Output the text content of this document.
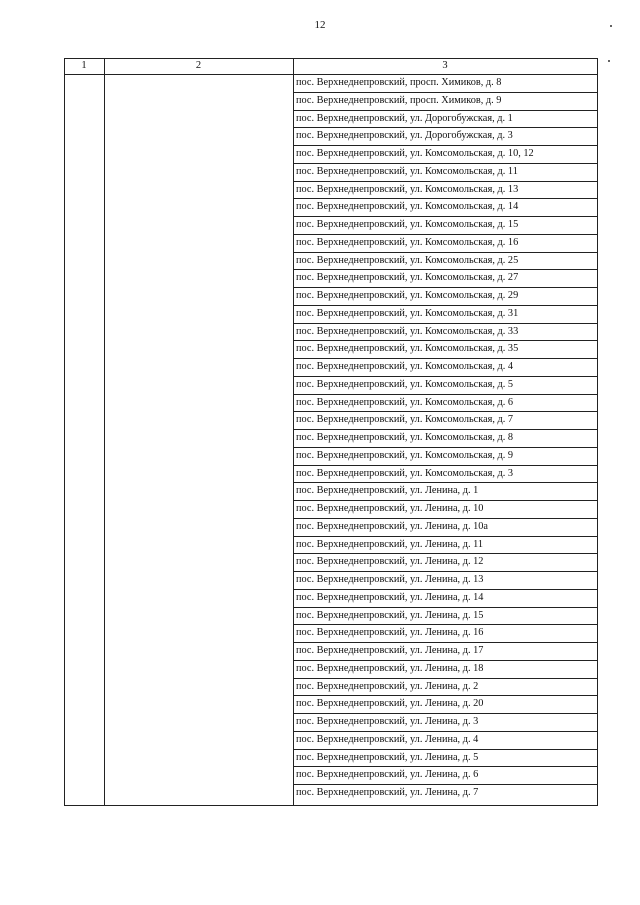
12
1	2	3
пос. Верхнеднепровский, просп. Химиков, д. 8
пос. Верхнеднепровский, просп. Химиков, д. 9
пос. Верхнеднепровский, ул. Дорогобужская, д. 1
пос. Верхнеднепровский, ул. Дорогобужская, д. 3
пос. Верхнеднепровский, ул. Комсомольская, д. 10, 12
пос. Верхнеднепровский, ул. Комсомольская, д. 11
пос. Верхнеднепровский, ул. Комсомольская, д. 13
пос. Верхнеднепровский, ул. Комсомольская, д. 14
пос. Верхнеднепровский, ул. Комсомольская, д. 15
пос. Верхнеднепровский, ул. Комсомольская, д. 16
пос. Верхнеднепровский, ул. Комсомольская, д. 25
пос. Верхнеднепровский, ул. Комсомольская, д. 27
пос. Верхнеднепровский, ул. Комсомольская, д. 29
пос. Верхнеднепровский, ул. Комсомольская, д. 31
пос. Верхнеднепровский, ул. Комсомольская, д. 33
пос. Верхнеднепровский, ул. Комсомольская, д. 35
пос. Верхнеднепровский, ул. Комсомольская, д. 4
пос. Верхнеднепровский, ул. Комсомольская, д. 5
пос. Верхнеднепровский, ул. Комсомольская, д. 6
пос. Верхнеднепровский, ул. Комсомольская, д. 7
пос. Верхнеднепровский, ул. Комсомольская, д. 8
пос. Верхнеднепровский, ул. Комсомольская, д. 9
пос. Верхнеднепровский, ул. Комсомольская, д. 3
пос. Верхнеднепровский, ул. Ленина, д. 1
пос. Верхнеднепровский, ул. Ленина, д. 10
пос. Верхнеднепровский, ул. Ленина, д. 10а
пос. Верхнеднепровский, ул. Ленина, д. 11
пос. Верхнеднепровский, ул. Ленина, д. 12
пос. Верхнеднепровский, ул. Ленина, д. 13
пос. Верхнеднепровский, ул. Ленина, д. 14
пос. Верхнеднепровский, ул. Ленина, д. 15
пос. Верхнеднепровский, ул. Ленина, д. 16
пос. Верхнеднепровский, ул. Ленина, д. 17
пос. Верхнеднепровский, ул. Ленина, д. 18
пос. Верхнеднепровский, ул. Ленина, д. 2
пос. Верхнеднепровский, ул. Ленина, д. 20
пос. Верхнеднепровский, ул. Ленина, д. 3
пос. Верхнеднепровский, ул. Ленина, д. 4
пос. Верхнеднепровский, ул. Ленина, д. 5
пос. Верхнеднепровский, ул. Ленина, д. 6
пос. Верхнеднепровский, ул. Ленина, д. 7
